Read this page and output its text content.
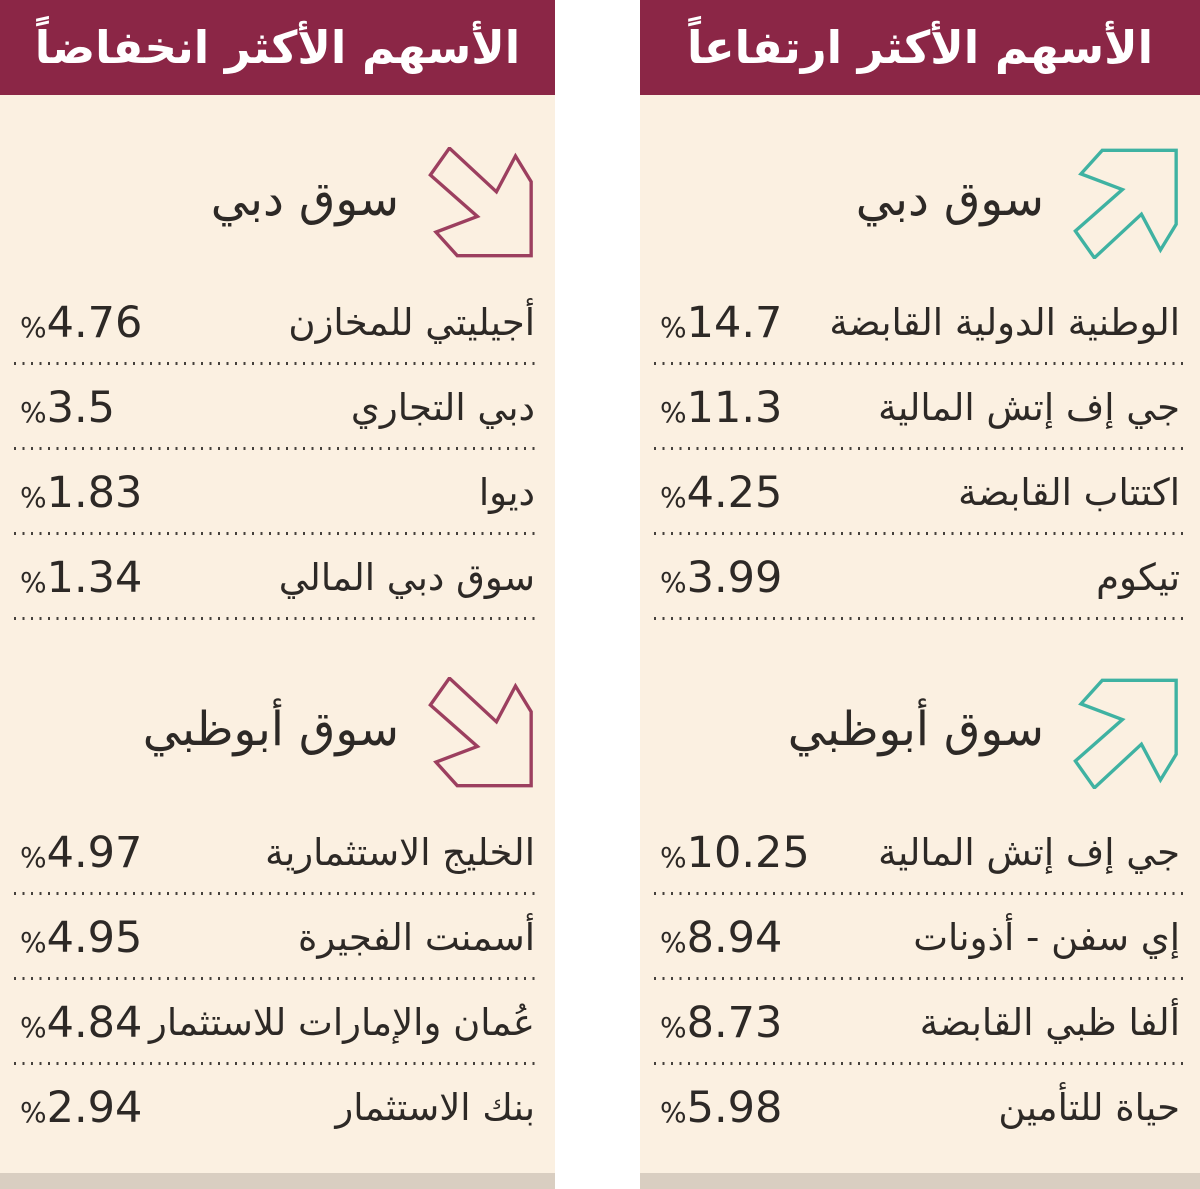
الأسهم الأكثر انخفاضاً
سوق دبي
أجيليتي للمخازن
%4.76
دبي التجاري
%3.5
ديوا
%1.83
سوق دبي المالي
%1.34
سوق أبوظبي
الخليج الاستثمارية
%4.97
أسمنت الفجيرة
%4.95
عُمان والإمارات للاستثمار
%4.84
بنك الاستثمار
%2.94
الأسهم الأكثر ارتفاعاً
سوق دبي
الوطنية الدولية القابضة
%14.7
جي إف إتش المالية
%11.3
اكتتاب القابضة
%4.25
تيكوم
%3.99
سوق أبوظبي
جي إف إتش المالية
%10.25
إي سفن - أذونات
%8.94
ألفا ظبي القابضة
%8.73
حياة للتأمين
%5.98
